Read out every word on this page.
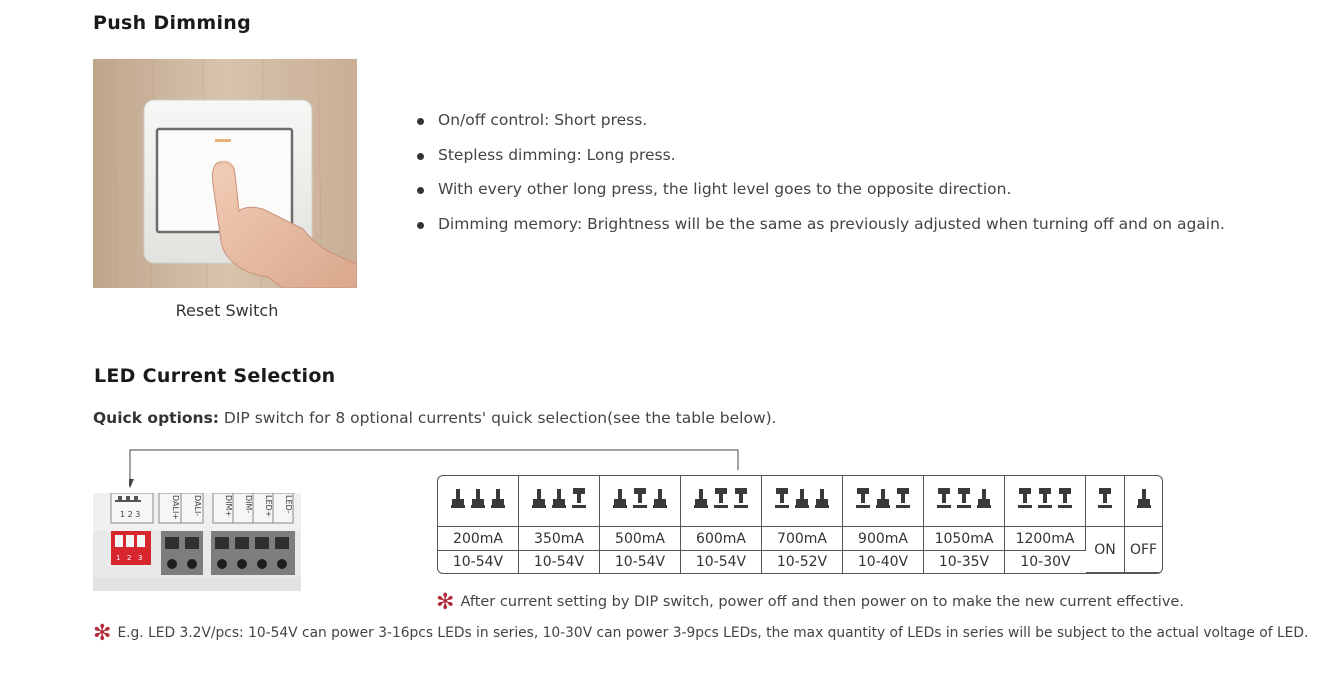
Push Dimming
Reset Switch
On/off control: Short press.
Stepless dimming: Long press.
With every other long press, the light level goes to the opposite direction.
Dimming memory: Brightness will be the same as previously adjusted when turning off and on again.
LED Current Selection
Quick options: DIP switch for 8 optional currents' quick selection(see the table below).
1 2 3	DALI+ DALI-	DIM+ DIM- LED+ LED-
1 2 3

200mA	350mA	500mA	600mA	700mA	900mA	1050mA	1200mA	ON	OFF
10-54V	10-54V	10-54V	10-54V	10-52V	10-40V	10-35V	10-30V		
✻ After current setting by DIP switch, power off and then power on to make the new current effective.
✻ E.g. LED 3.2V/pcs: 10-54V can power 3-16pcs LEDs in series, 10-30V can power 3-9pcs LEDs, the max quantity of LEDs in series will be subject to the actual voltage of LED.
